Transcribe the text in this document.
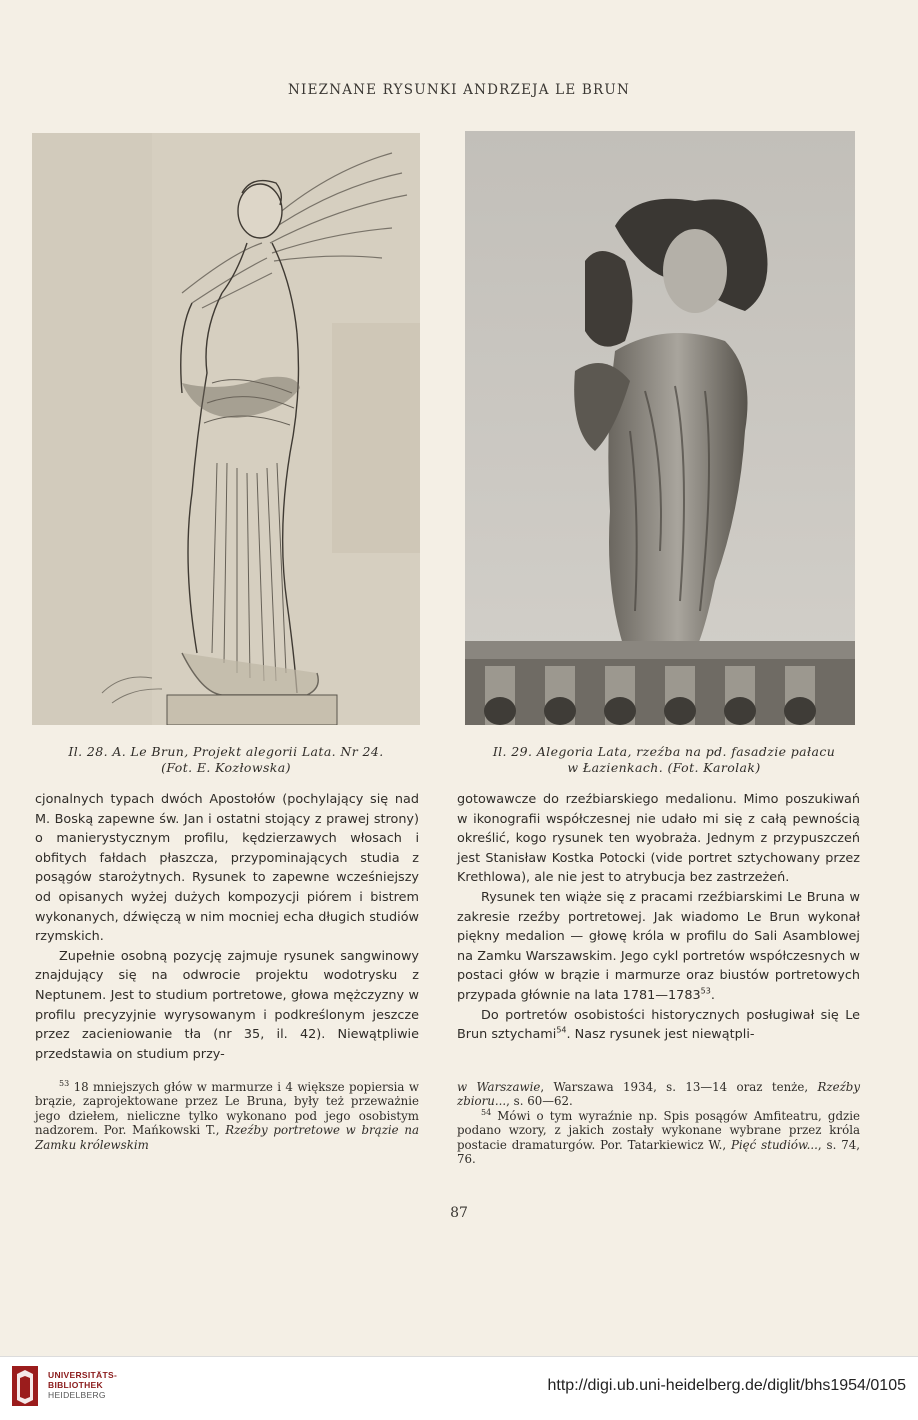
NIEZNANE RYSUNKI ANDRZEJA LE BRUN
Il. 28. A. Le Brun, Projekt alegorii Lata. Nr 24.
(Fot. E. Kozłowska)
Il. 29. Alegoria Lata, rzeźba na pd. fasadzie pałacu
w Łazienkach. (Fot. Karolak)

cjonalnych typach dwóch Apostołów (pochylający się nad M. Boską zapewne św. Jan i ostatni stojący z prawej strony) o manierystycznym profilu, kędzierzawych włosach i obfitych fałdach płaszcza, przypominających studia z posągów starożytnych. Rysunek to zapewne wcześniejszy od opisanych wyżej dużych kompozycji piórem i bistrem wykonanych, dźwięczą w nim mocniej echa długich studiów rzymskich.

Zupełnie osobną pozycję zajmuje rysunek sangwinowy znajdujący się na odwrocie projektu wodotrysku z Neptunem. Jest to studium portretowe, głowa mężczyzny w profilu precyzyjnie wyrysowanym i podkreślonym jeszcze przez zacieniowanie tła (nr 35, il. 42). Niewątpliwie przedstawia on studium przy-

gotowawcze do rzeźbiarskiego medalionu. Mimo poszukiwań w ikonografii współczesnej nie udało mi się z całą pewnością określić, kogo rysunek ten wyobraża. Jednym z przypuszczeń jest Stanisław Kostka Potocki (vide portret sztychowany przez Krethlowa), ale nie jest to atrybucja bez zastrzeżeń.

Rysunek ten wiąże się z pracami rzeźbiarskimi Le Bruna w zakresie rzeźby portretowej. Jak wiadomo Le Brun wykonał piękny medalion — głowę króla w profilu do Sali Asamblowej na Zamku Warszawskim. Jego cykl portretów współczesnych w postaci głów w brązie i marmurze oraz biustów portretowych przypada głównie na lata 1781—1783$^{53}$.

Do portretów osobistości historycznych posługiwał się Le Brun sztychami$^{54}$. Nasz rysunek jest niewątpli-

$^{53}$ 18 mniejszych głów w marmurze i 4 większe popiersia w brązie, zaprojektowane przez Le Bruna, były też przeważnie jego dziełem, nieliczne tylko wykonano pod jego osobistym nadzorem. Por. Mańkowski T., Rzeźby portretowe w brązie na Zamku królewskim

w Warszawie, Warszawa 1934, s. 13—14 oraz tenże, Rzeźby zbioru..., s. 60—62.

$^{54}$ Mówi o tym wyraźnie np. Spis posągów Amfiteatru, gdzie podano wzory, z jakich zostały wykonane wybrane przez króla postacie dramaturgów. Por. Tatarkiewicz W., Pięć studiów..., s. 74, 76.

87
UNIVERSITÄTS-
BIBLIOTHEK
HEIDELBERG
http://digi.ub.uni-heidelberg.de/diglit/bhs1954/0105
